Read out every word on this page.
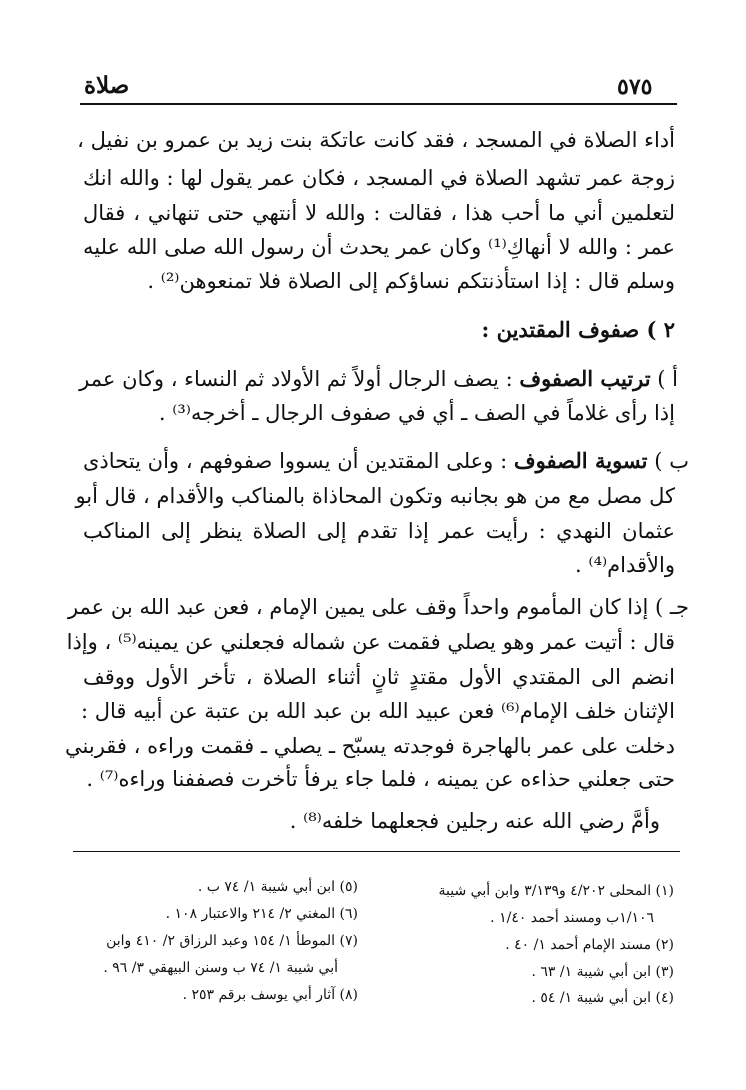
صلاة	٥٧٥
أداء الصلاة في المسجد ، فقد كانت عاتكة بنت زيد بن عمرو بن نفيل ،
زوجة عمر تشهد الصلاة في المسجد ، فكان عمر يقول لها : والله انك
لتعلمين أني ما أحب هذا ، فقالت : والله لا أنتهي حتى تنهاني ، فقال
عمر : والله لا أنهاكِ⁽¹⁾ وكان عمر يحدث أن رسول الله صلى الله عليه
وسلم قال : إذا استأذنتكم نساؤكم إلى الصلاة فلا تمنعوهن⁽²⁾ .
٢ ) صفوف المقتدين :
أ ) ترتيب الصفوف : يصف الرجال أولاً ثم الأولاد ثم النساء ، وكان عمر
إذا رأى غلاماً في الصف ـ أي في صفوف الرجال ـ أخرجه⁽³⁾ .
ب ) تسوية الصفوف : وعلى المقتدين أن يسووا صفوفهم ، وأن يتحاذى
كل مصل مع من هو بجانبه وتكون المحاذاة بالمناكب والأقدام ، قال أبو
عثمان النهدي : رأيت عمر إذا تقدم إلى الصلاة ينظر إلى المناكب
والأقدام⁽⁴⁾ .
جـ ) إذا كان المأموم واحداً وقف على يمين الإمام ، فعن عبد الله بن عمر
قال : أتيت عمر وهو يصلي فقمت عن شماله فجعلني عن يمينه⁽⁵⁾ ، وإذا
انضم الى المقتدي الأول مقتدٍ ثانٍ أثناء الصلاة ، تأخر الأول ووقف
الإثنان خلف الإمام⁽⁶⁾ فعن عبيد الله بن عبد الله بن عتبة عن أبيه قال :
دخلت على عمر بالهاجرة فوجدته يسبّح ـ يصلي ـ فقمت وراءه ، فقربني
حتى جعلني حذاءه عن يمينه ، فلما جاء يرفأ تأخرت فصففنا وراءه⁽⁷⁾ .
وأمَّ رضي الله عنه رجلين فجعلهما خلفه⁽⁸⁾ .
(١) المحلى ٤/٢٠٢ و٣/١٣٩ وابن أبي شيبة
١/١٠٦ب ومسند أحمد ١/٤٠ .
(٢) مسند الإمام أحمد ١/ ٤٠ .
(٣) ابن أبي شيبة ١/ ٦٣ .
(٤) ابن أبي شيبة ١/ ٥٤ .
(٥) ابن أبي شيبة ١/ ٧٤ ب .
(٦) المغني ٢/ ٢١٤ والاعتبار ١٠٨ .
(٧) الموطأ ١/ ١٥٤ وعبد الرزاق ٢/ ٤١٠ وابن
أبي شيبة ١/ ٧٤ ب وسنن البيهقي ٣/ ٩٦ .
(٨) آثار أبي يوسف برقم ٢٥٣ .
